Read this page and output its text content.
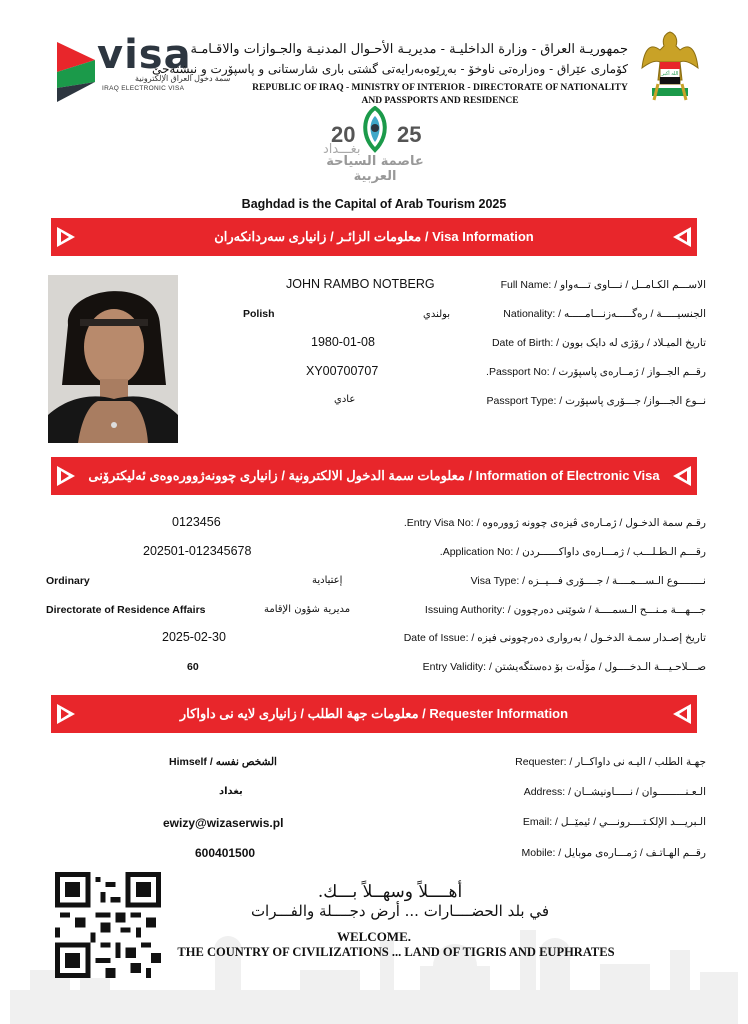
visa
سمة دخول العراق الإلكترونية
IRAQ ELECTRONIC VISA
جمهوريـة العراق - وزارة الداخليـة - مديريـة الأحـوال المدنيـة والجـوازات والاقـامـة
كۆماری عێراق - وەزارەتی ناوخۆ - بەڕێوەبەرایەتی گشتی باری شارستانی و پاسپۆرت و نیشتەجێ
REPUBLIC OF IRAQ - MINISTRY OF INTERIOR - DIRECTORATE OF NATIONALITY
AND PASSPORTS AND RESIDENCE
الله أكبر
20 25
بغـــداد
عاصمة السياحة العربية
Baghdad is the Capital of Arab Tourism 2025
معلومات الزائـر / زانیاری سەردانکەران / Visa Information
الاســـم الكـامــل / نـــاوی تـــەواو / :Full Name
JOHN RAMBO NOTBERG
الجنسيـــــة / رەگـــــەزنـــامـــــە / :Nationality
Polish	بولندي
تاريخ الميـلاد / رۆژی لە دایک بوون / :Date of Birth
1980-01-08
رقــم الجــواز / ژمــارەی پاسپۆرت / :Passport No.
XY00700707
نــوع الجـــواز/ جـــۆری پاسپۆرت / :Passport Type
عادي
معلومات سمة الدخول الالكترونية / زانیاری چوونەژوورەوەی ئەلیکترۆنی / Information of Electronic Visa
رقـم سمة الدخـول / ژمـارەی ڤیزەی چوونە ژوورەوە / :Entry Visa No.
0123456
رقـــم الـطـلـــب / ژمـــارەی داواكــــــردن / :Application No.
202501-012345678
نــــــــوع الـســـمــــة / جــــۆری فـــیــزە / :Visa Type
Ordinary	إعتيادية
جـــهـــة مـنـــح الـسمــــة / شوێنی دەرچوون / :Issuing Authority
Directorate of Residence Affairs	مديرية شؤون الإقامة
تاريخ إصـدار سمـة الدخـول / بەرواری دەرچوونی فیزە / :Date of Issue
2025-02-30
صـــلاحـيـــة الـدخــــول / مۆڵەت بۆ دەستگەیشتن / :Entry Validity
60
معلومات جهة الطلب / زانیاری لایە نی داواكار / Requester Information
جهـة الطلب / الیـە نی داواكــار / :Requester
Himself / الشخص نفسه
الـعـنـــــــــوان / نـــــاونیشــان / :Address
بغداد
الـبريـــد الإلكـتــــرونـــي / ئیمێــل / :Email
ewizy@wizaserwis.pl
رقــم الهـاتـف / ژمـــارەی موبایل / :Mobile
600401500
أهــــلاً وسهــلاً بـــك.
في بلد الحضــــارات ... أرض دجــــلة والفـــرات
WELCOME.
THE COUNTRY OF CIVILIZATIONS ... LAND OF TIGRIS AND EUPHRATES
